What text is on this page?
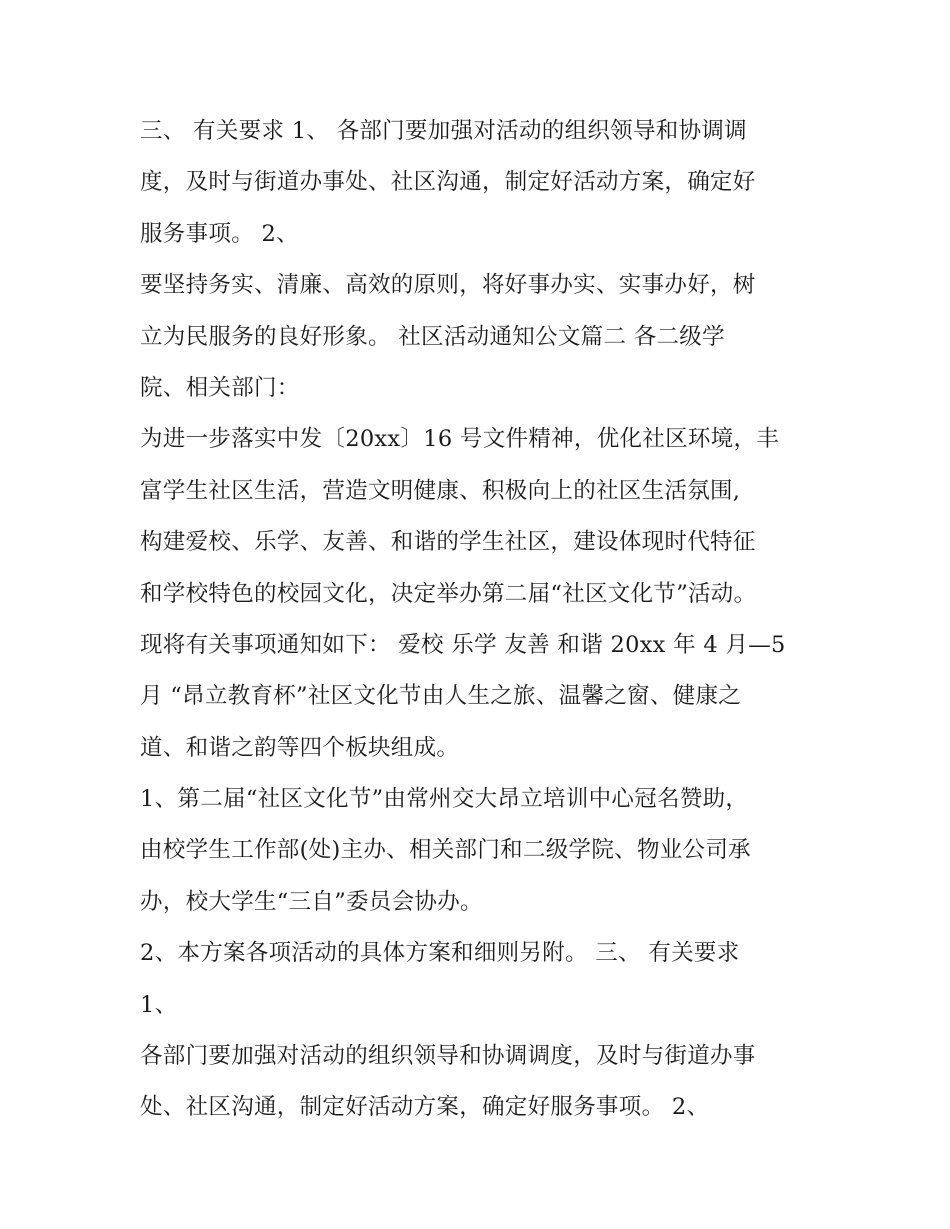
三、 有关要求 1、 各部门要加强对活动的组织领导和协调调
度，及时与街道办事处、社区沟通，制定好活动方案，确定好
服务事项。 2、
要坚持务实、清廉、高效的原则，将好事办实、实事办好，树
立为民服务的良好形象。 社区活动通知公文篇二 各二级学
院、相关部门：
为进一步落实中发〔20xx〕16 号文件精神，优化社区环境，丰
富学生社区生活，营造文明健康、积极向上的社区生活氛围,
构建爱校、乐学、友善、和谐的学生社区，建设体现时代特征
和学校特色的校园文化，决定举办第二届“社区文化节”活动。
现将有关事项通知如下： 爱校 乐学 友善 和谐 20xx 年 4 月—5
月 “昂立教育杯”社区文化节由人生之旅、温馨之窗、健康之
道、和谐之韵等四个板块组成。
1、第二届“社区文化节”由常州交大昂立培训中心冠名赞助，
由校学生工作部(处)主办、相关部门和二级学院、物业公司承
办，校大学生“三自”委员会协办。
2、本方案各项活动的具体方案和细则另附。 三、 有关要求
1、
各部门要加强对活动的组织领导和协调调度，及时与街道办事
处、社区沟通，制定好活动方案，确定好服务事项。 2、
